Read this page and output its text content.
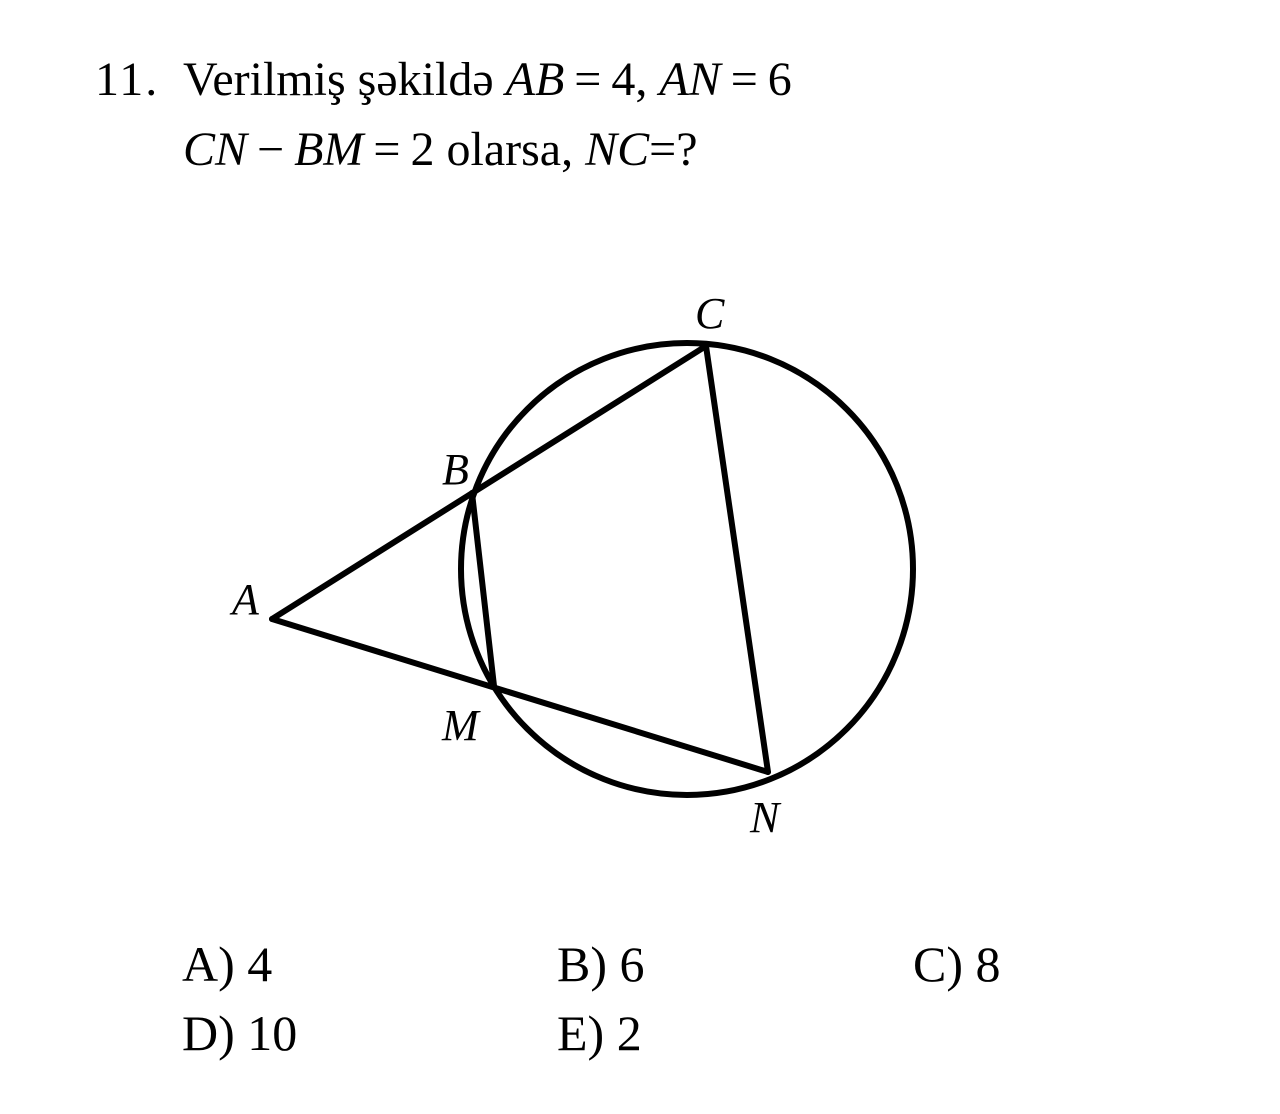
11. Verilmiş şəkildə AB = 4, AN = 6
CN − BM = 2 olarsa, NC=?
A
B
C
M
N
A) 4	B) 6	C) 8
D) 10	E) 2
